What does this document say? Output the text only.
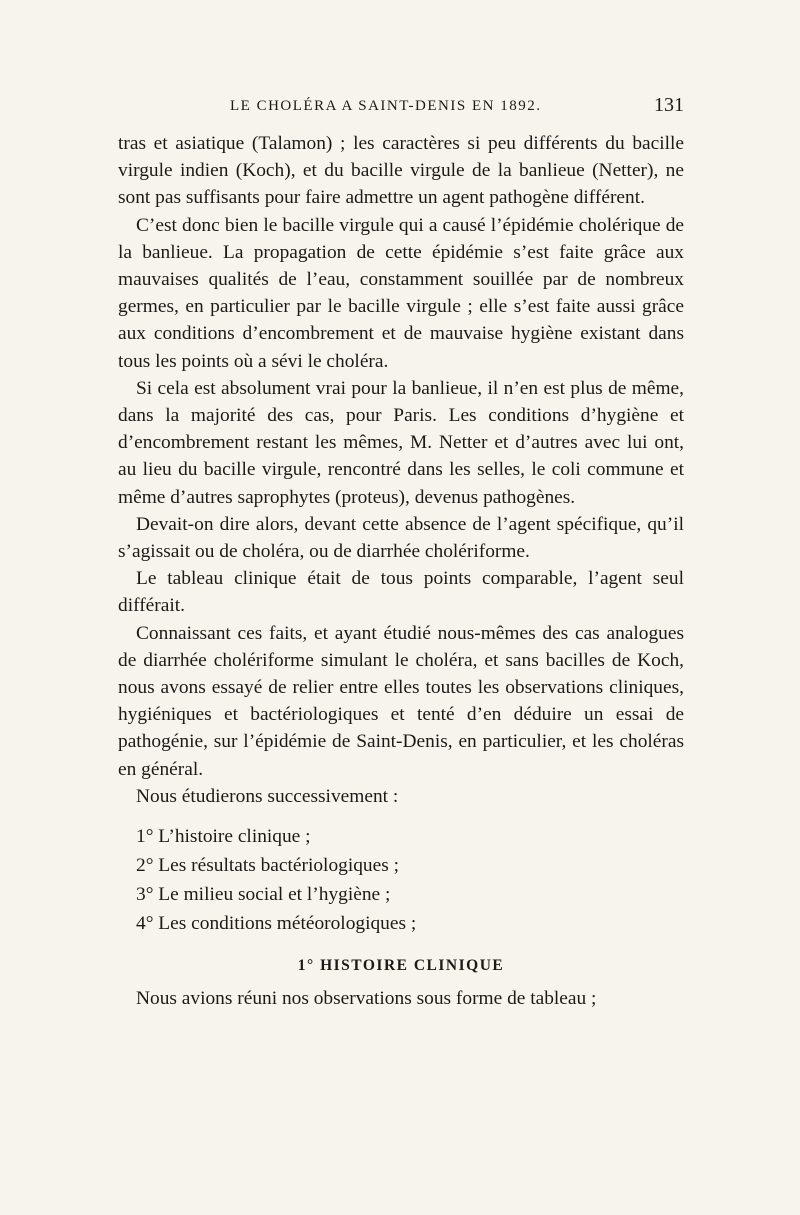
LE CHOLÉRA A SAINT-DENIS EN 1892.	131

tras et asiatique (Talamon) ; les caractères si peu différents du bacille virgule indien (Koch), et du bacille virgule de la banlieue (Netter), ne sont pas suffisants pour faire admettre un agent pathogène différent.

C’est donc bien le bacille virgule qui a causé l’épidémie cholérique de la banlieue. La propagation de cette épidémie s’est faite grâce aux mauvaises qualités de l’eau, constamment souillée par de nombreux germes, en particulier par le bacille virgule ; elle s’est faite aussi grâce aux conditions d’encombrement et de mauvaise hygiène existant dans tous les points où a sévi le choléra.

Si cela est absolument vrai pour la banlieue, il n’en est plus de même, dans la majorité des cas, pour Paris. Les conditions d’hygiène et d’encombrement restant les mêmes, M. Netter et d’autres avec lui ont, au lieu du bacille virgule, rencontré dans les selles, le coli commune et même d’autres saprophytes (proteus), devenus pathogènes.

Devait-on dire alors, devant cette absence de l’agent spécifique, qu’il s’agissait ou de choléra, ou de diarrhée cholériforme.

Le tableau clinique était de tous points comparable, l’agent seul différait.

Connaissant ces faits, et ayant étudié nous-mêmes des cas analogues de diarrhée cholériforme simulant le choléra, et sans bacilles de Koch, nous avons essayé de relier entre elles toutes les observations cliniques, hygiéniques et bactériologiques et tenté d’en déduire un essai de pathogénie, sur l’épidémie de Saint-Denis, en particulier, et les choléras en général.

Nous étudierons successivement :

1° L’histoire clinique ;
2° Les résultats bactériologiques ;
3° Le milieu social et l’hygiène ;
4° Les conditions météorologiques ;
1° HISTOIRE CLINIQUE

Nous avions réuni nos observations sous forme de tableau ;
